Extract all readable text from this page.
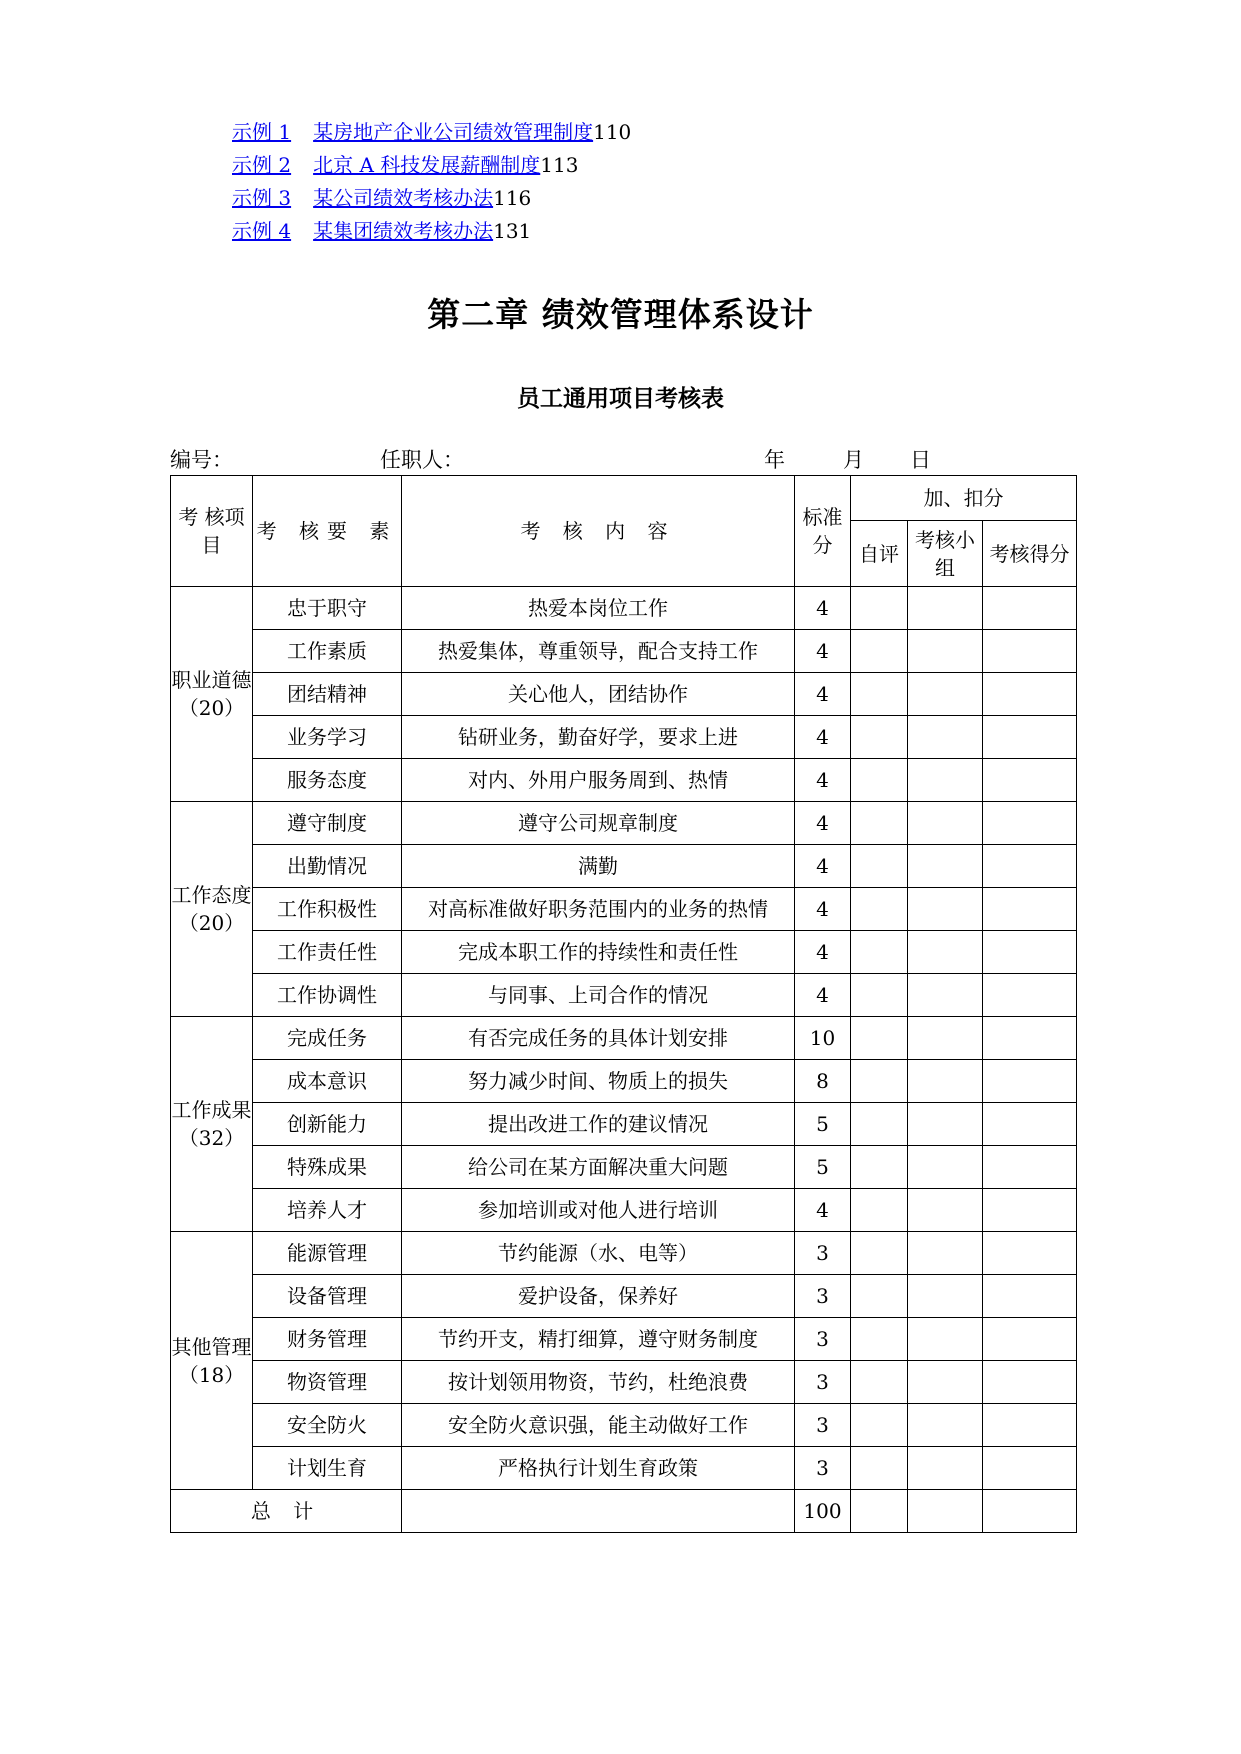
示例 1 某房地产企业公司绩效管理制度110
示例 2 北京 A 科技发展薪酬制度113
示例 3 某公司绩效考核办法116
示例 4 某集团绩效考核办法131
第二章 绩效管理体系设计
员工通用项目考核表
编号：	任职人：	年	月 日
考 核项目	考 核要 素	考 核 内 容	标准分	加、扣分		
				自评	考核小组	考核得分
职业道德（20）	忠于职守	热爱本岗位工作	4			
	工作素质	热爱集体，尊重领导，配合支持工作	4			
	团结精神	关心他人，团结协作	4			
	业务学习	钻研业务，勤奋好学，要求上进	4			
	服务态度	对内、外用户服务周到、热情	4			
工作态度（20）	遵守制度	遵守公司规章制度	4			
	出勤情况	满勤	4			
	工作积极性	对高标准做好职务范围内的业务的热情	4			
	工作责任性	完成本职工作的持续性和责任性	4			
	工作协调性	与同事、上司合作的情况	4			
工作成果（32）	完成任务	有否完成任务的具体计划安排	10			
	成本意识	努力减少时间、物质上的损失	8			
	创新能力	提出改进工作的建议情况	5			
	特殊成果	给公司在某方面解决重大问题	5			
	培养人才	参加培训或对他人进行培训	4			
其他管理（18）	能源管理	节约能源（水、电等）	3			
	设备管理	爱护设备，保养好	3			
	财务管理	节约开支，精打细算，遵守财务制度	3			
	物资管理	按计划领用物资，节约，杜绝浪费	3			
	安全防火	安全防火意识强，能主动做好工作	3			
	计划生育	严格执行计划生育政策	3			
总 计			100			
